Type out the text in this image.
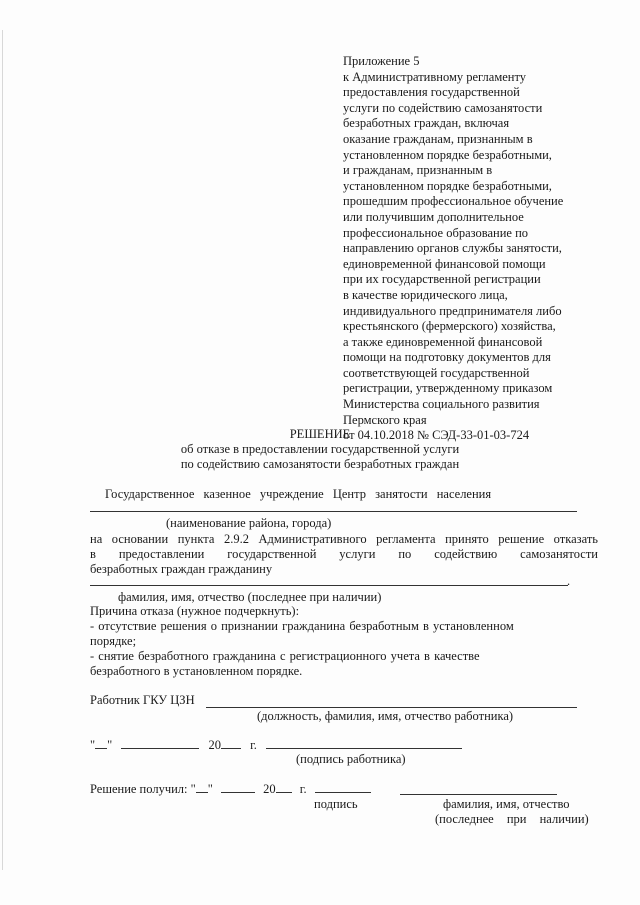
Приложение 5
к Административному регламенту
предоставления государственной
услуги по содействию самозанятости
безработных граждан, включая
оказание гражданам, признанным в
установленном порядке безработными,
и гражданам, признанным в
установленном порядке безработными,
прошедшим профессиональное обучение
или получившим дополнительное
профессиональное образование по
направлению органов службы занятости,
единовременной финансовой помощи
при их государственной регистрации
в качестве юридического лица,
индивидуального предпринимателя либо
крестьянского (фермерского) хозяйства,
а также единовременной финансовой
помощи на подготовку документов для
соответствующей государственной
регистрации, утвержденному приказом
Министерства социального развития
Пермского края
от 04.10.2018 № СЭД-33-01-03-724
РЕШЕНИЕ
об отказе в предоставлении государственной услуги
по содействию самозанятости безработных граждан
Государственное казенное учреждение Центр занятости населения
(наименование района, города)
на основании пункта 2.9.2 Административного регламента принято решение отказать
в предоставлении государственной услуги по содействию самозанятости
безработных граждан гражданину
.
фамилия, имя, отчество (последнее при наличии)
Причина отказа (нужное подчеркнуть):
- отсутствие решения о признании гражданина безработным в установленном
порядке;
- снятие безработного гражданина с регистрационного учета в качестве
безработного в установленном порядке.
Работник ГКУ ЦЗН
(должность, фамилия, имя, отчество работника)
" "	20 г.
(подпись работника)
Решение получил: " "	20 г.
подпись	фамилия, имя, отчество
(последнее при наличии)
